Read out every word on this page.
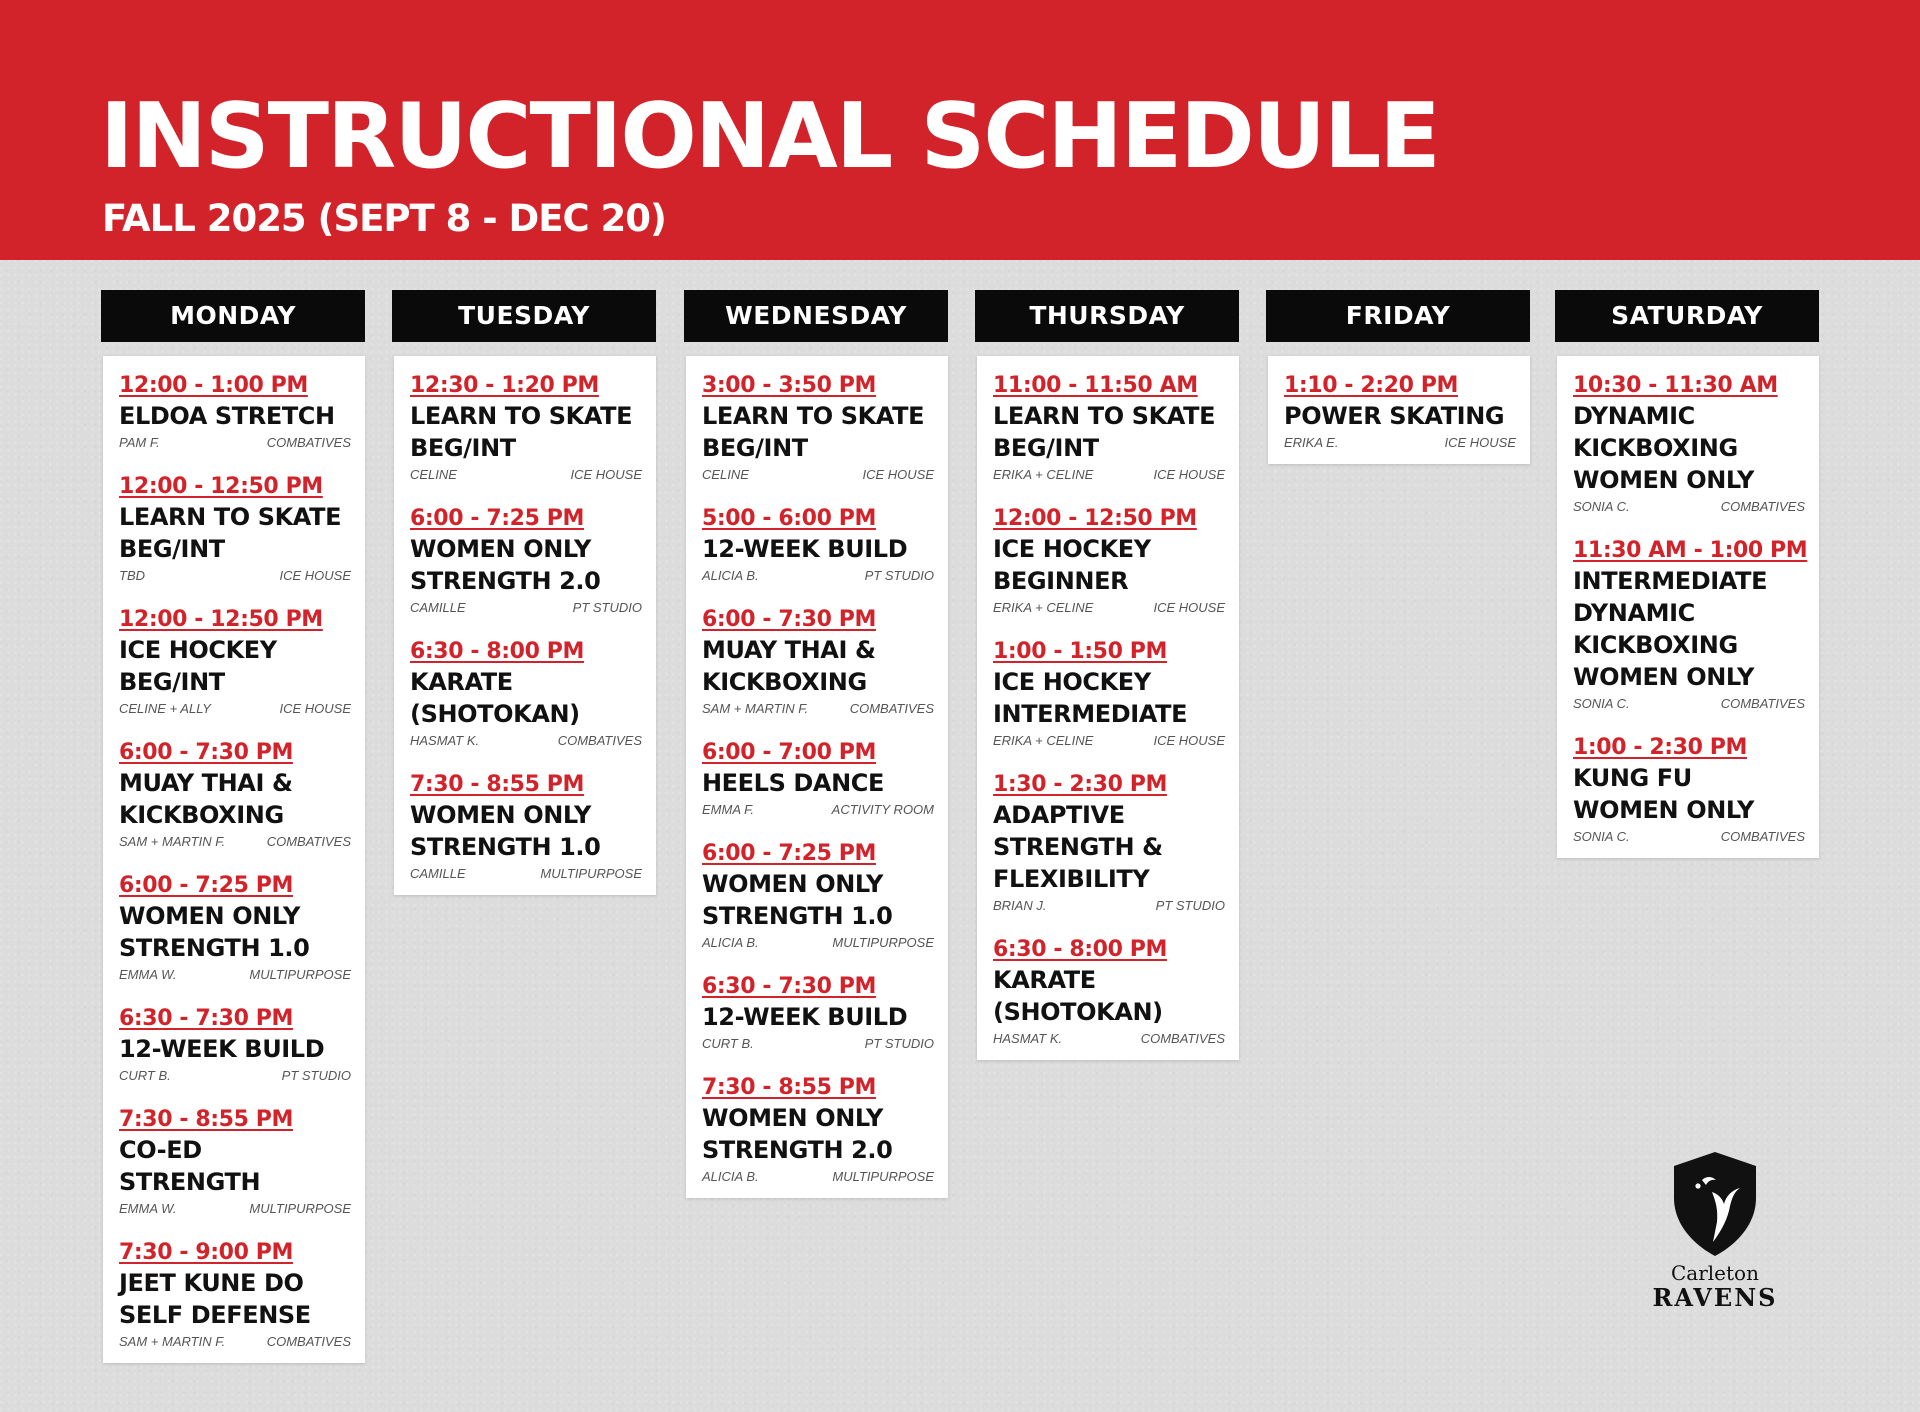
INSTRUCTIONAL SCHEDULE
FALL 2025 (SEPT 8 - DEC 20)
MONDAY
12:00 - 1:00 PM
ELDOA STRETCH
PAM F.	COMBATIVES
12:00 - 12:50 PM
LEARN TO SKATE
BEG/INT
TBD	ICE HOUSE
12:00 - 12:50 PM
ICE HOCKEY
BEG/INT
CELINE + ALLY	ICE HOUSE
6:00 - 7:30 PM
MUAY THAI &
KICKBOXING
SAM + MARTIN F.	COMBATIVES
6:00 - 7:25 PM
WOMEN ONLY
STRENGTH 1.0
EMMA W.	MULTIPURPOSE
6:30 - 7:30 PM
12-WEEK BUILD
CURT B.	PT STUDIO
7:30 - 8:55 PM
CO-ED
STRENGTH
EMMA W.	MULTIPURPOSE
7:30 - 9:00 PM
JEET KUNE DO
SELF DEFENSE
SAM + MARTIN F.	COMBATIVES
TUESDAY
12:30 - 1:20 PM
LEARN TO SKATE
BEG/INT
CELINE	ICE HOUSE
6:00 - 7:25 PM
WOMEN ONLY
STRENGTH 2.0
CAMILLE	PT STUDIO
6:30 - 8:00 PM
KARATE
(SHOTOKAN)
HASMAT K.	COMBATIVES
7:30 - 8:55 PM
WOMEN ONLY
STRENGTH 1.0
CAMILLE	MULTIPURPOSE
WEDNESDAY
3:00 - 3:50 PM
LEARN TO SKATE
BEG/INT
CELINE	ICE HOUSE
5:00 - 6:00 PM
12-WEEK BUILD
ALICIA B.	PT STUDIO
6:00 - 7:30 PM
MUAY THAI &
KICKBOXING
SAM + MARTIN F.	COMBATIVES
6:00 - 7:00 PM
HEELS DANCE
EMMA F.	ACTIVITY ROOM
6:00 - 7:25 PM
WOMEN ONLY
STRENGTH 1.0
ALICIA B.	MULTIPURPOSE
6:30 - 7:30 PM
12-WEEK BUILD
CURT B.	PT STUDIO
7:30 - 8:55 PM
WOMEN ONLY
STRENGTH 2.0
ALICIA B.	MULTIPURPOSE
THURSDAY
11:00 - 11:50 AM
LEARN TO SKATE
BEG/INT
ERIKA + CELINE	ICE HOUSE
12:00 - 12:50 PM
ICE HOCKEY
BEGINNER
ERIKA + CELINE	ICE HOUSE
1:00 - 1:50 PM
ICE HOCKEY
INTERMEDIATE
ERIKA + CELINE	ICE HOUSE
1:30 - 2:30 PM
ADAPTIVE
STRENGTH &
FLEXIBILITY
BRIAN J.	PT STUDIO
6:30 - 8:00 PM
KARATE
(SHOTOKAN)
HASMAT K.	COMBATIVES
FRIDAY
1:10 - 2:20 PM
POWER SKATING
ERIKA E.	ICE HOUSE
SATURDAY
10:30 - 11:30 AM
DYNAMIC
KICKBOXING
WOMEN ONLY
SONIA C.	COMBATIVES
11:30 AM - 1:00 PM
INTERMEDIATE
DYNAMIC
KICKBOXING
WOMEN ONLY
SONIA C.	COMBATIVES
1:00 - 2:30 PM
KUNG FU
WOMEN ONLY
SONIA C.	COMBATIVES
Carleton
RAVENS
